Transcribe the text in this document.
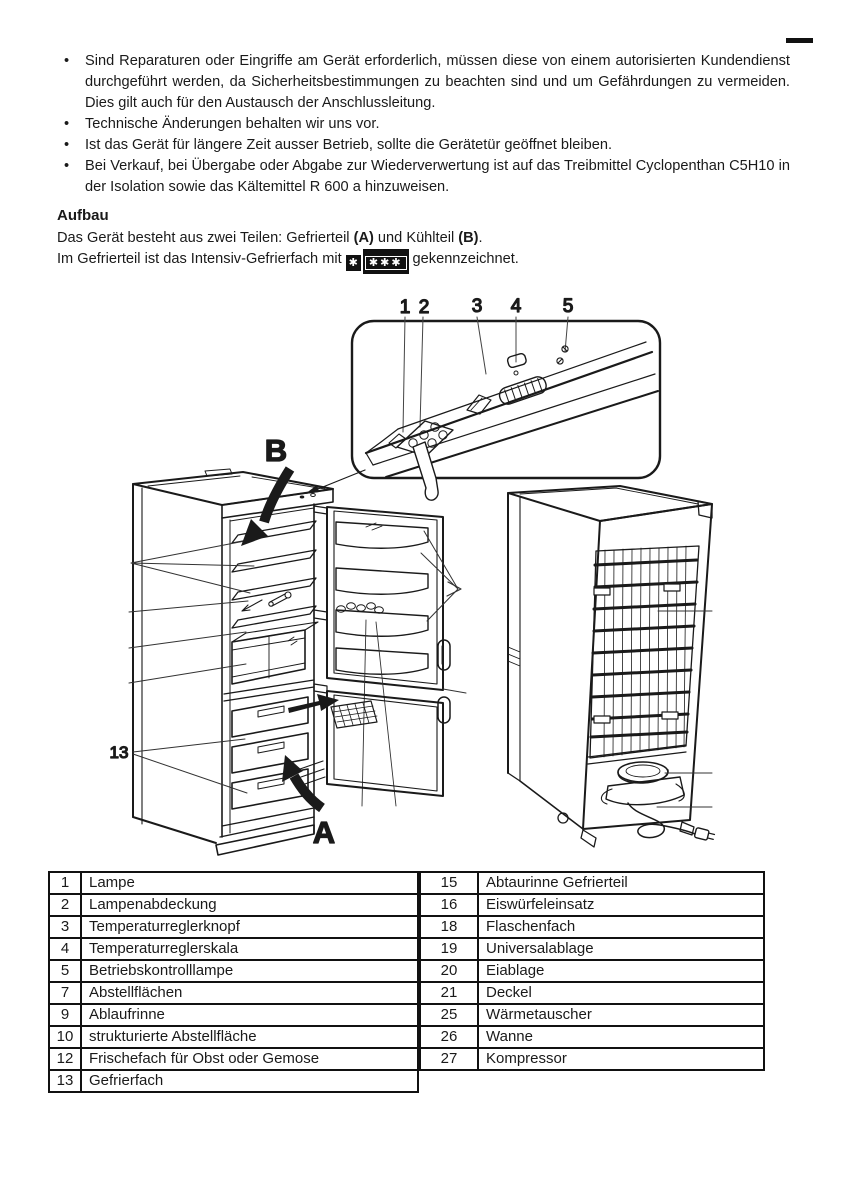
• Sind Reparaturen oder Eingriffe am Gerät erforderlich, müssen diese von einem autorisierten Kundendienst durchgeführt werden, da Sicherheitsbestimmungen zu beachten sind und um Gefährdungen zu vermeiden. Dies gilt auch für den Austausch der Anschlussleitung.
• Technische Änderungen behalten wir uns vor.
• Ist das Gerät für längere Zeit ausser Betrieb, sollte die Gerätetür geöffnet bleiben.
• Bei Verkauf, bei Übergabe oder Abgabe zur Wiederverwertung ist auf das Treibmittel Cyclopenthan C5H10 in der Isolation sowie das Kältemittel R 600 a hinzuweisen.
Aufbau

Das Gerät besteht aus zwei Teilen: Gefrierteil (A) und Kühlteil (B).

Im Gefrierteil ist das Intensiv-Gefrierfach mit ✱ ✱✱✱ gekennzeichnet.

1 2 3 4 5
13
B
A
1	Lampe
2	Lampenabdeckung
3	Temperaturreglerknopf
4	Temperaturreglerskala
5	Betriebskontrolllampe
7	Abstellflächen
9	Ablaufrinne
10	strukturierte Abstellfläche
12	Frischefach für Obst oder Gemose
13	Gefrierfach
15	Abtaurinne Gefrierteil
16	Eiswürfeleinsatz
18	Flaschenfach
19	Universalablage
20	Eiablage
21	Deckel
25	Wärmetauscher
26	Wanne
27	Kompressor
